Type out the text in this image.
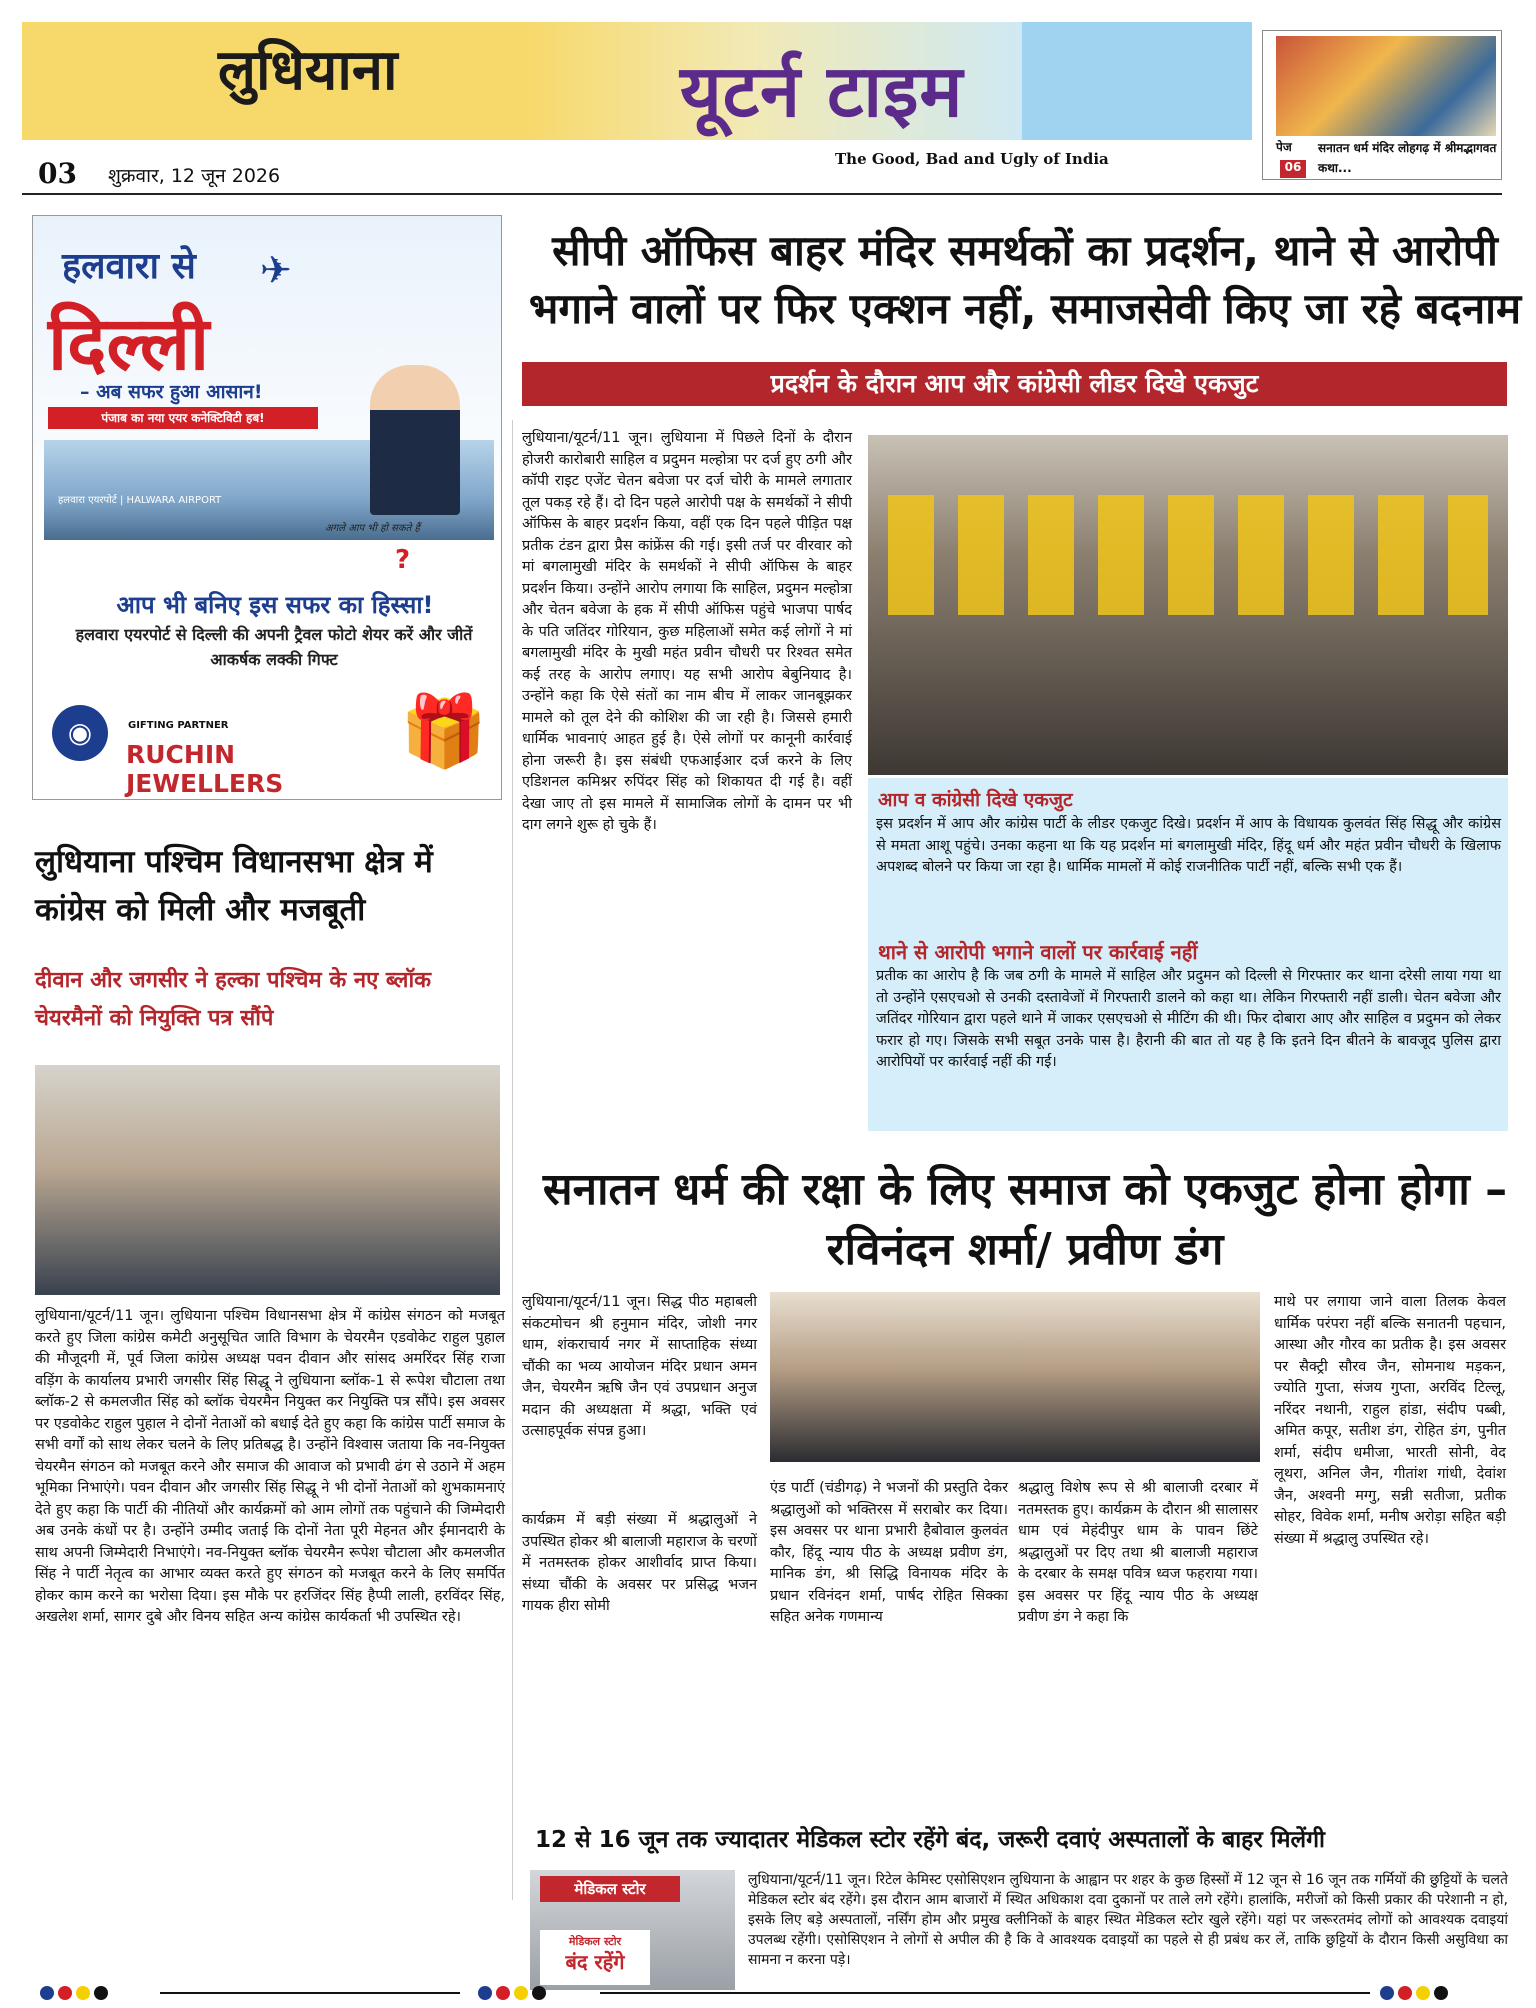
लुधियाना	यूटर्न टाइम
The Good, Bad and Ugly of India
03	शुक्रवार, 12 जून 2026
पेज
06
सनातन धर्म मंदिर लोहगढ़ में श्रीमद्भागवत कथा...
हलवारा से	✈
दिल्ली
– अब सफर हुआ आसान!
पंजाब का नया एयर कनेक्टिविटी हब!
हलवारा एयरपोर्ट | HALWARA AIRPORT
अगले आप भी हो सकते हैं
?
आप भी बनिए इस सफर का हिस्सा!
हलवारा एयरपोर्ट से दिल्ली की अपनी ट्रैवल फोटो शेयर करें और जीतें आकर्षक लक्की गिफ्ट
◉	GIFTING PARTNER
RUCHIN JEWELLERS
🎁
सीपी ऑफिस बाहर मंदिर समर्थकों का प्रदर्शन, थाने से आरोपी भगाने वालों पर फिर एक्शन नहीं, समाजसेवी किए जा रहे बदनाम
प्रदर्शन के दौरान आप और कांग्रेसी लीडर दिखे एकजुट
लुधियाना/यूटर्न/11 जून। लुधियाना में पिछले दिनों के दौरान होजरी कारोबारी साहिल व प्रदुमन मल्होत्रा पर दर्ज हुए ठगी और कॉपी राइट एजेंट चेतन बवेजा पर दर्ज चोरी के मामले लगातार तूल पकड़ रहे हैं। दो दिन पहले आरोपी पक्ष के समर्थकों ने सीपी ऑफिस के बाहर प्रदर्शन किया, वहीं एक दिन पहले पीड़ित पक्ष प्रतीक टंडन द्वारा प्रैस कांफ्रेंस की गई। इसी तर्ज पर वीरवार को मां बगलामुखी मंदिर के समर्थकों ने सीपी ऑफिस के बाहर प्रदर्शन किया। उन्होंने आरोप लगाया कि साहिल, प्रदुमन मल्होत्रा और चेतन बवेजा के हक में सीपी ऑफिस पहुंचे भाजपा पार्षद के पति जतिंदर गोरियान, कुछ महिलाओं समेत कई लोगों ने मां बगलामुखी मंदिर के मुखी महंत प्रवीन चौधरी पर रिश्वत समेत कई तरह के आरोप लगाए। यह सभी आरोप बेबुनियाद है। उन्होंने कहा कि ऐसे संतों का नाम बीच में लाकर जानबूझकर मामले को तूल देने की कोशिश की जा रही है। जिससे हमारी धार्मिक भावनाएं आहत हुई है। ऐसे लोगों पर कानूनी कार्रवाई होना जरूरी है। इस संबंधी एफआईआर दर्ज करने के लिए एडिशनल कमिश्नर रुपिंदर सिंह को शिकायत दी गई है। वहीं देखा जाए तो इस मामले में सामाजिक लोगों के दामन पर भी दाग लगने शुरू हो चुके हैं।
आप व कांग्रेसी दिखे एकजुट
इस प्रदर्शन में आप और कांग्रेस पार्टी के लीडर एकजुट दिखे। प्रदर्शन में आप के विधायक कुलवंत सिंह सिद्धू और कांग्रेस से ममता आशू पहुंचे। उनका कहना था कि यह प्रदर्शन मां बगलामुखी मंदिर, हिंदू धर्म और महंत प्रवीन चौधरी के खिलाफ अपशब्द बोलने पर किया जा रहा है। धार्मिक मामलों में कोई राजनीतिक पार्टी नहीं, बल्कि सभी एक हैं।
थाने से आरोपी भगाने वालों पर कार्रवाई नहीं
प्रतीक का आरोप है कि जब ठगी के मामले में साहिल और प्रदुमन को दिल्ली से गिरफ्तार कर थाना दरेसी लाया गया था तो उन्होंने एसएचओ से उनकी दस्तावेजों में गिरफ्तारी डालने को कहा था। लेकिन गिरफ्तारी नहीं डाली। चेतन बवेजा और जतिंदर गोरियान द्वारा पहले थाने में जाकर एसएचओ से मीटिंग की थी। फिर दोबारा आए और साहिल व प्रदुमन को लेकर फरार हो गए। जिसके सभी सबूत उनके पास है। हैरानी की बात तो यह है कि इतने दिन बीतने के बावजूद पुलिस द्वारा आरोपियों पर कार्रवाई नहीं की गई।
लुधियाना पश्चिम विधानसभा क्षेत्र में कांग्रेस को मिली और मजबूती
दीवान और जगसीर ने हल्का पश्चिम के नए ब्लॉक चेयरमैनों को नियुक्ति पत्र सौंपे
लुधियाना/यूटर्न/11 जून। लुधियाना पश्चिम विधानसभा क्षेत्र में कांग्रेस संगठन को मजबूत करते हुए जिला कांग्रेस कमेटी अनुसूचित जाति विभाग के चेयरमैन एडवोकेट राहुल पुहाल की मौजूदगी में, पूर्व जिला कांग्रेस अध्यक्ष पवन दीवान और सांसद अमरिंदर सिंह राजा वड़िंग के कार्यालय प्रभारी जगसीर सिंह सिद्धू ने लुधियाना ब्लॉक-1 से रूपेश चौटाला तथा ब्लॉक-2 से कमलजीत सिंह को ब्लॉक चेयरमैन नियुक्त कर नियुक्ति पत्र सौंपे। इस अवसर पर एडवोकेट राहुल पुहाल ने दोनों नेताओं को बधाई देते हुए कहा कि कांग्रेस पार्टी समाज के सभी वर्गों को साथ लेकर चलने के लिए प्रतिबद्ध है। उन्होंने विश्वास जताया कि नव-नियुक्त चेयरमैन संगठन को मजबूत करने और समाज की आवाज को प्रभावी ढंग से उठाने में अहम भूमिका निभाएंगे। पवन दीवान और जगसीर सिंह सिद्धू ने भी दोनों नेताओं को शुभकामनाएं देते हुए कहा कि पार्टी की नीतियों और कार्यक्रमों को आम लोगों तक पहुंचाने की जिम्मेदारी अब उनके कंधों पर है। उन्होंने उम्मीद जताई कि दोनों नेता पूरी मेहनत और ईमानदारी के साथ अपनी जिम्मेदारी निभाएंगे। नव-नियुक्त ब्लॉक चेयरमैन रूपेश चौटाला और कमलजीत सिंह ने पार्टी नेतृत्व का आभार व्यक्त करते हुए संगठन को मजबूत करने के लिए समर्पित होकर काम करने का भरोसा दिया। इस मौके पर हरजिंदर सिंह हैप्पी लाली, हरविंदर सिंह, अखलेश शर्मा, सागर दुबे और विनय सहित अन्य कांग्रेस कार्यकर्ता भी उपस्थित रहे।
सनातन धर्म की रक्षा के लिए समाज को एकजुट होना होगा – रविनंदन शर्मा/ प्रवीण डंग
लुधियाना/यूटर्न/11 जून। सिद्ध पीठ महाबली संकटमोचन श्री हनुमान मंदिर, जोशी नगर धाम, शंकराचार्य नगर में साप्ताहिक संध्या चौंकी का भव्य आयोजन मंदिर प्रधान अमन जैन, चेयरमैन ऋषि जैन एवं उपप्रधान अनुज मदान की अध्यक्षता में श्रद्धा, भक्ति एवं उत्साहपूर्वक संपन्न हुआ।
कार्यक्रम में बड़ी संख्या में श्रद्धालुओं ने उपस्थित होकर श्री बालाजी महाराज के चरणों में नतमस्तक होकर आशीर्वाद प्राप्त किया। संध्या चौंकी के अवसर पर प्रसिद्ध भजन गायक हीरा सोमी
एंड पार्टी (चंडीगढ़) ने भजनों की प्रस्तुति देकर श्रद्धालुओं को भक्तिरस में सराबोर कर दिया। इस अवसर पर थाना प्रभारी हैबोवाल कुलवंत कौर, हिंदू न्याय पीठ के अध्यक्ष प्रवीण डंग, मानिक डंग, श्री सिद्धि विनायक मंदिर के प्रधान रविनंदन शर्मा, पार्षद रोहित सिक्का सहित अनेक गणमान्य
श्रद्धालु विशेष रूप से श्री बालाजी दरबार में नतमस्तक हुए। कार्यक्रम के दौरान श्री सालासर धाम एवं मेहंदीपुर धाम के पावन छिंटे श्रद्धालुओं पर दिए तथा श्री बालाजी महाराज के दरबार के समक्ष पवित्र ध्वज फहराया गया। इस अवसर पर हिंदू न्याय पीठ के अध्यक्ष प्रवीण डंग ने कहा कि
माथे पर लगाया जाने वाला तिलक केवल धार्मिक परंपरा नहीं बल्कि सनातनी पहचान, आस्था और गौरव का प्रतीक है। इस अवसर पर सैक्ट्री सौरव जैन, सोमनाथ मड़कन, ज्योति गुप्ता, संजय गुप्ता, अरविंद टिल्लू, नरिंदर नथानी, राहुल हांडा, संदीप पब्बी, अमित कपूर, सतीश डंग, रोहित डंग, पुनीत शर्मा, संदीप धमीजा, भारती सोनी, वेद लूथरा, अनिल जैन, गीतांश गांधी, देवांश जैन, अश्वनी मग्गु, सन्नी सतीजा, प्रतीक सोहर, विवेक शर्मा, मनीष अरोड़ा सहित बड़ी संख्या में श्रद्धालु उपस्थित रहे।
12 से 16 जून तक ज्यादातर मेडिकल स्टोर रहेंगे बंद, जरूरी दवाएं अस्पतालों के बाहर मिलेंगी
मेडिकल स्टोर
मेडिकल स्टोर
बंद रहेंगे
लुधियाना/यूटर्न/11 जून। रिटेल केमिस्ट एसोसिएशन लुधियाना के आह्वान पर शहर के कुछ हिस्सों में 12 जून से 16 जून तक गर्मियों की छुट्टियों के चलते मेडिकल स्टोर बंद रहेंगे। इस दौरान आम बाजारों में स्थित अधिकाश दवा दुकानों पर ताले लगे रहेंगे। हालांकि, मरीजों को किसी प्रकार की परेशानी न हो, इसके लिए बड़े अस्पतालों, नर्सिंग होम और प्रमुख क्लीनिकों के बाहर स्थित मेडिकल स्टोर खुले रहेंगे। यहां पर जरूरतमंद लोगों को आवश्यक दवाइयां उपलब्ध रहेंगी। एसोसिएशन ने लोगों से अपील की है कि वे आवश्यक दवाइयों का पहले से ही प्रबंध कर लें, ताकि छुट्टियों के दौरान किसी असुविधा का सामना न करना पड़े।
